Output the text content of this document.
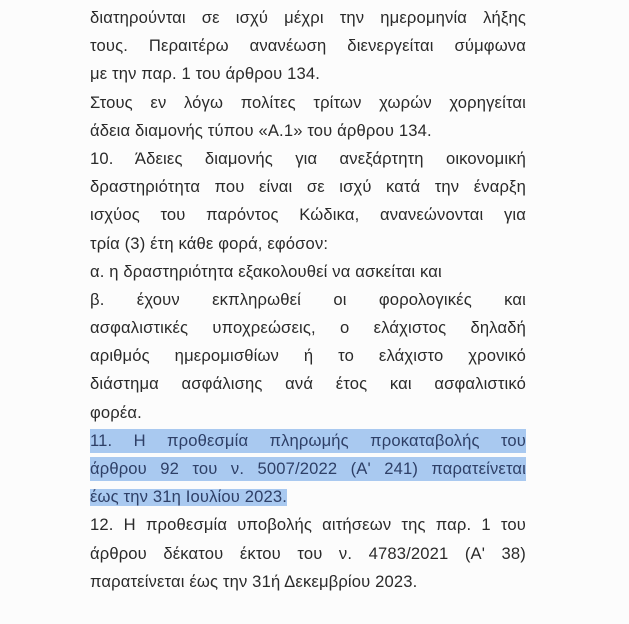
διατηρούνται σε ισχύ μέχρι την ημερομηνία λήξης
τους. Περαιτέρω ανανέωση διενεργείται σύμφωνα
με την παρ. 1 του άρθρου 134.
Στους εν λόγω πολίτες τρίτων χωρών χορηγείται
άδεια διαμονής τύπου «Α.1» του άρθρου 134.
10. Άδειες διαμονής για ανεξάρτητη οικονομική
δραστηριότητα που είναι σε ισχύ κατά την έναρξη
ισχύος του παρόντος Κώδικα, ανανεώνονται για
τρία (3) έτη κάθε φορά, εφόσον:
α. η δραστηριότητα εξακολουθεί να ασκείται και
β. έχουν εκπληρωθεί οι φορολογικές και
ασφαλιστικές υποχρεώσεις, ο ελάχιστος δηλαδή
αριθμός ημερομισθίων ή το ελάχιστο χρονικό
διάστημα ασφάλισης ανά έτος και ασφαλιστικό
φορέα.
11. Η προθεσμία πληρωμής προκαταβολής του
άρθρου 92 του ν. 5007/2022 (Α' 241) παρατείνεται
έως την 31η Ιουλίου 2023.
12. Η προθεσμία υποβολής αιτήσεων της παρ. 1 του
άρθρου δέκατου έκτου του ν. 4783/2021 (Α' 38)
παρατείνεται έως την 31ή Δεκεμβρίου 2023.
